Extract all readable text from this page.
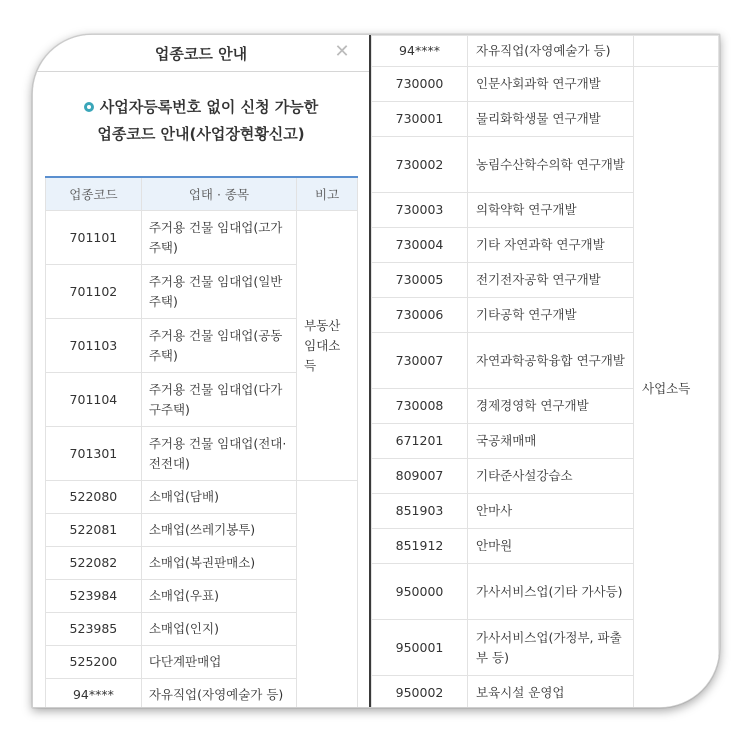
업종코드 안내	✕
사업자등록번호 없이 신청 가능한
업종코드 안내(사업장현황신고)
업종코드	업태 · 종목	비고
701101	주거용 건물 임대업(고가주택)	부동산 임대소득
701102	주거용 건물 임대업(일반주택)	
701103	주거용 건물 임대업(공동주택)	
701104	주거용 건물 임대업(다가구주택)	
701301	주거용 건물 임대업(전대·전전대)	
522080	소매업(담배)	
522081	소매업(쓰레기봉투)	
522082	소매업(복권판매소)	
523984	소매업(우표)	
523985	소매업(인지)	
525200	다단계판매업	
94****	자유직업(자영예술가 등)	
94****	자유직업(자영예술가 등)	
730000	인문사회과학 연구개발	사업소득
730001	물리화학생물 연구개발	
730002	농림수산학수의학 연구개발	
730003	의학약학 연구개발	
730004	기타 자연과학 연구개발	
730005	전기전자공학 연구개발	
730006	기타공학 연구개발	
730007	자연과학공학융합 연구개발	
730008	경제경영학 연구개발	
671201	국공채매매	
809007	기타준사설강습소	
851903	안마사	
851912	안마원	
950000	가사서비스업(기타 가사등)	
950001	가사서비스업(가정부, 파출부 등)	
950002	보육시설 운영업	
